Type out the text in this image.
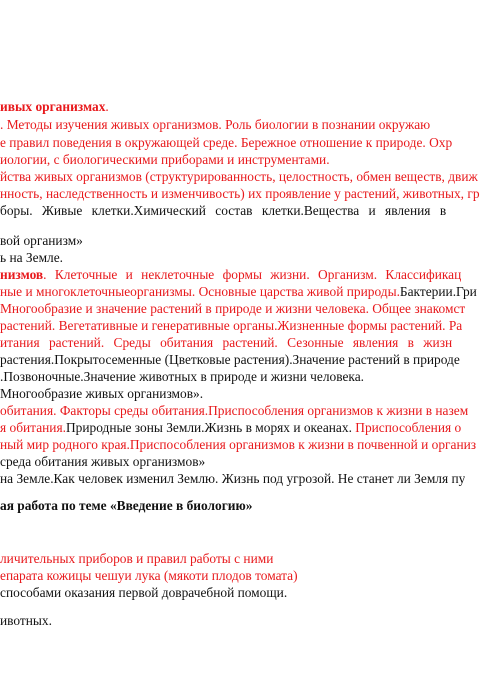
ивых организмах.
. Методы изучения живых организмов. Роль биологии в познании окружаю
е правил поведения в окружающей среде. Бережное отношение к природе. Охр
иологии, с биологическими приборами и инструментами.
йства живых организмов (структурированность, целостность, обмен веществ, движ
нность, наследственность и изменчивость) их проявление у растений, животных, гр
боры. Живые клетки.Химический состав клетки.Вещества и явления в
вой организм»
ь на Земле.
низмов. Клеточные и неклеточные формы жизни. Организм. Классификац
ные и многоклеточныеорганизмы. Основные царства живой природы.Бактерии.Гри
Многообразие и значение растений в природе и жизни человека. Общее знакомст
растений. Вегетативные и генеративные органы.Жизненные формы растений. Ра
итания растений. Среды обитания растений. Сезонные явления в жизн
растения.Покрытосеменные (Цветковые растения).Значение растений в природе
.Позвоночные.Значение животных в природе и жизни человека.
Многообразие живых организмов».
обитания. Факторы среды обитания.Приспособления организмов к жизни в назем
я обитания.Природные зоны Земли.Жизнь в морях и океанах. Приспособления о
ный мир родного края.Приспособления организмов к жизни в почвенной и организ
среда обитания живых организмов»
на Земле.Как человек изменил Землю. Жизнь под угрозой. Не станет ли Земля пу
ая работа по теме «Введение в биологию»
личительных приборов и правил работы с ними
епарата кожицы чешуи лука (мякоти плодов томата)
способами оказания первой доврачебной помощи.
ивотных.
